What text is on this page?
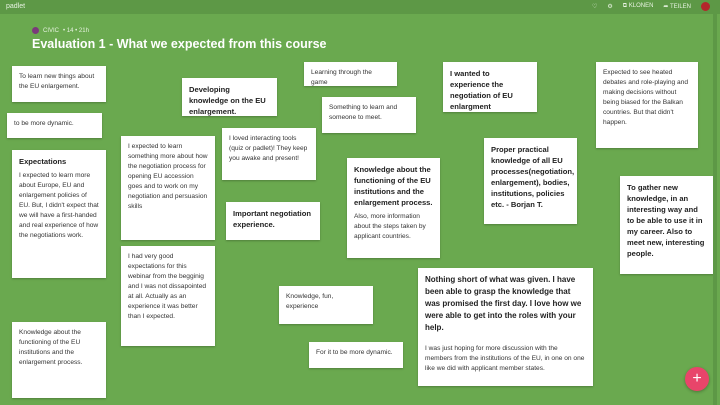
padlet	♡ ⚙ ⧉ KLONEN ➦ TEILEN
CIVIC • 14 • 21h
Evaluation 1 - What we expected from this course
To learn new things about the EU enlargement.
to be more dynamic.
Expectations
I expected to learn more about Europe, EU and enlargement policies of EU. But, I didn't expect that we will have a first-handed and real experience of how the negotiations work.
Knowledge about the functioning of the EU institutions and the enlargement process.
Developing knowledge on the EU enlargement.
I expected to learn something more about how the negotiation process for opening EU accession goes and to work on my negotiation and persuasion skills
I had very good expectations for this webinar from the begginig and I was not dissapointed at all. Actually as an experience it was better than I expected.
I loved interacting tools (quiz or padlet)! They keep you awake and present!
Important negotiation experience.
Knowledge, fun, experience
For it to be more dynamic.
Learning through the game
Something to learn and someone to meet.
Knowledge about the functioning of the EU institutions and the enlargement process.
Also, more information about the steps taken by applicant countries.
I wanted to experience the negotiation of EU enlargment
Proper practical knowledge of all EU processes(negotiation, enlargement), bodies, institutions, policies etc. - Borjan T.
Nothing short of what was given. I have been able to grasp the knowledge that was promised the first day. I love how we were able to get into the roles with your help.
I was just hoping for more discussion with the members from the institutions of the EU, in one on one like we did with applicant member states.
Expected to see heated debates and role-playing and making decisions without being biased for the Balkan countries. But that didn't happen.
To gather new knowledge, in an interesting way and to be able to use it in my career. Also to meet new, interesting people.
+
